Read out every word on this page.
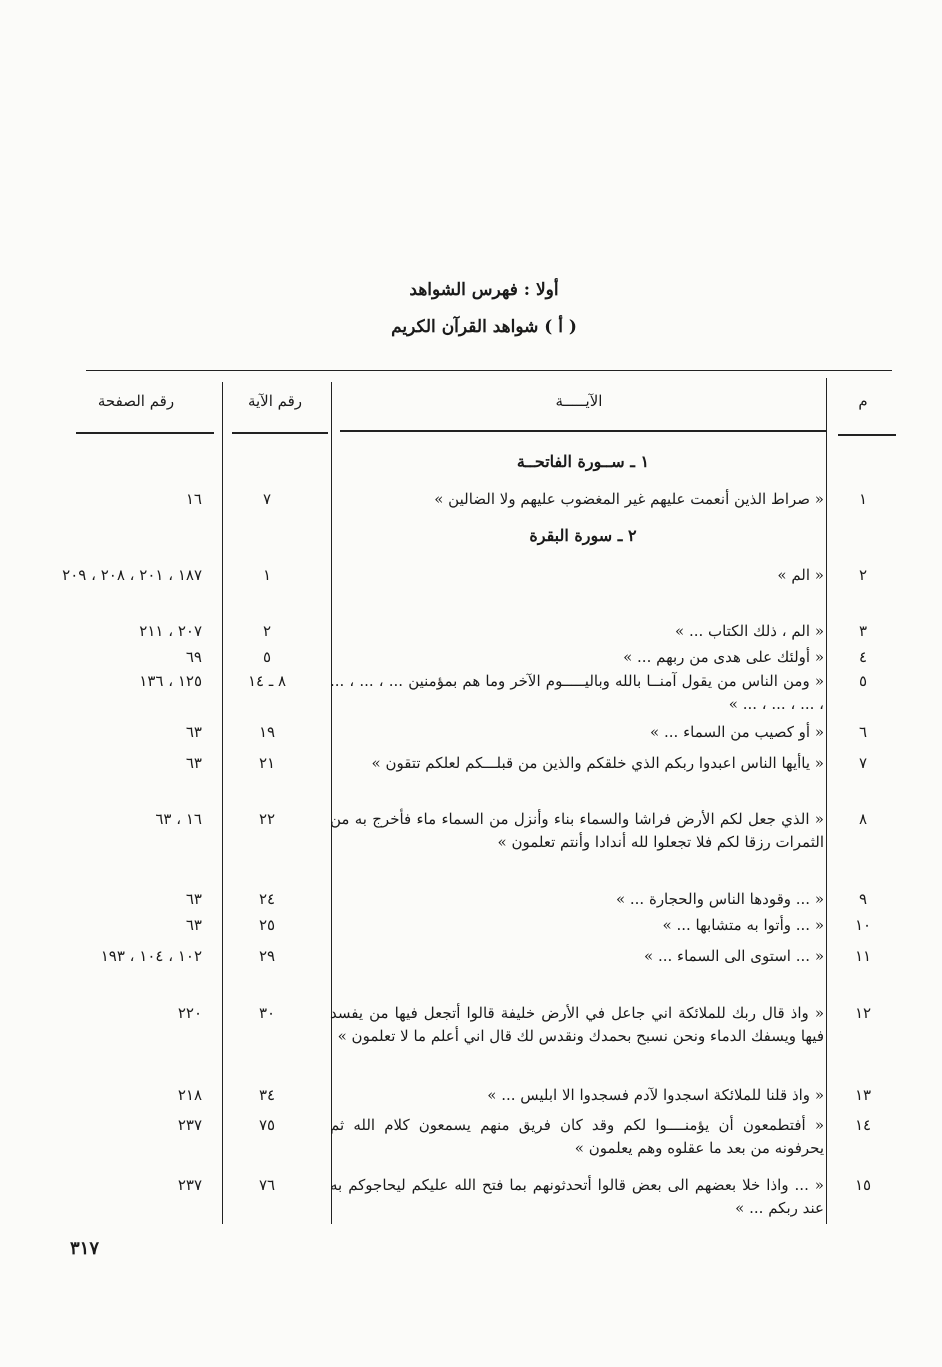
أولا : فهرس الشواهد
( أ ) شواهد القرآن الكريم
م
الآيـــــة
رقم الآية
رقم الصفحة
١ ـ ســورة الفاتحــة
١
« صراط الذين أنعمت عليهم غير المغضوب عليهم ولا الضالين »
٧
١٦
٢ ـ سورة البقرة
٢
« الم »
١
١٨٧ ، ٢٠١ ، ٢٠٨ ، ٢٠٩
٣
« الم ، ذلك الكتاب ... »
٢
٢٠٧ ، ٢١١
٤
« أولئك على هدى من ربهم ... »
٥
٦٩
٥
« ومن الناس من يقول آمنــا بالله وباليـــــوم الآخر وما هم بمؤمنين ... ، ... ، ... ، ... ، ... ، ... »
٨ ـ ١٤
١٢٥ ، ١٣٦
٦
« أو كصيب من السماء ... »
١٩
٦٣
٧
« ياأيها الناس اعبدوا ربكم الذي خلقكم والذين من قبلـــكم لعلكم تتقون »
٢١
٦٣
٨
« الذي جعل لكم الأرض فراشا والسماء بناء وأنزل من السماء ماء فأخرج به من الثمرات رزقا لكم فلا تجعلوا لله أندادا وأنتم تعلمون »
٢٢
١٦ ، ٦٣
٩
« ... وقودها الناس والحجارة ... »
٢٤
٦٣
١٠
« ... وأتوا به متشابها ... »
٢٥
٦٣
١١
« ... استوى الى السماء ... »
٢٩
١٠٢ ، ١٠٤ ، ١٩٣
١٢
« واذ قال ربك للملائكة اني جاعل في الأرض خليفة قالوا أتجعل فيها من يفسد فيها ويسفك الدماء ونحن نسبح بحمدك ونقدس لك قال اني أعلم ما لا تعلمون »
٣٠
٢٢٠
١٣
« واذ قلنا للملائكة اسجدوا لآدم فسجدوا الا ابليس ... »
٣٤
٢١٨
١٤
« أفتطمعون أن يؤمنــــوا لكم وقد كان فريق منهم يسمعون كلام الله ثم يحرفونه من بعد ما عقلوه وهم يعلمون »
٧٥
٢٣٧
١٥
« ... واذا خلا بعضهم الى بعض قالوا أتحدثونهم بما فتح الله عليكم ليحاجوكم به عند ربكم ... »
٧٦
٢٣٧
٣١٧
